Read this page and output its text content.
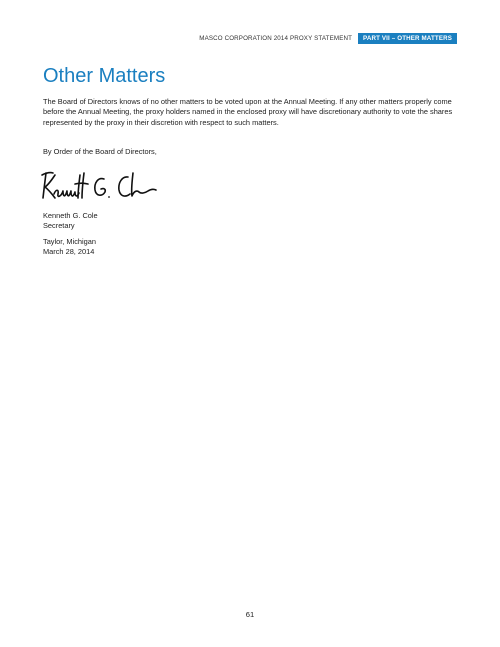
MASCO CORPORATION 2014 PROXY STATEMENT	PART VII – OTHER MATTERS
Other Matters

The Board of Directors knows of no other matters to be voted upon at the Annual Meeting. If any other matters properly come before the Annual Meeting, the proxy holders named in the enclosed proxy will have discretionary authority to vote the shares represented by the proxy in their discretion with respect to such matters.

By Order of the Board of Directors,

Kenneth G. Cole

Secretary

Taylor, Michigan

March 28, 2014

61
